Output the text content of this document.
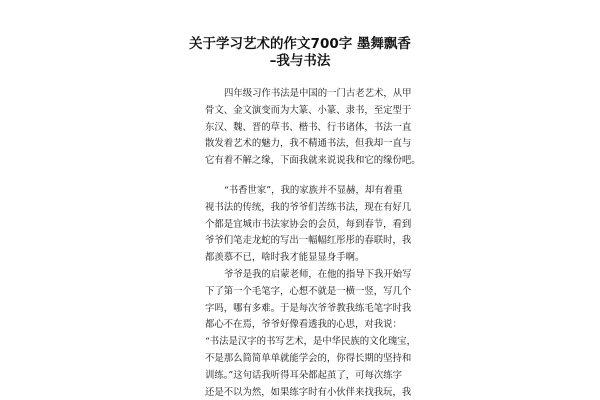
关于学习艺术的作文700字 墨舞飘香
–我与书法

四年级习作书法是中国的一门古老艺术，从甲
骨文、金文演变而为大篆、小篆、隶书，至定型于
东汉、魏、晋的草书、楷书、行书诸体，书法一直
散发着艺术的魅力，我不精通书法，但我却一直与
它有着不解之缘，下面我就来说说我和它的缘份吧。

“书香世家”，我的家族并不显赫，却有着重
视书法的传统，我的爷爷们苦练书法，现在有好几
个都是宜城市书法家协会的会员，每到春节，看到
爷爷们笔走龙蛇的写出一幅幅红彤彤的春联时，我
都羡慕不已，啥时我才能显显身手啊。

爷爷是我的启蒙老师，在他的指导下我开始写
下了第一个毛笔字，心想不就是一横一竖，写几个
字吗，哪有多难。于是每次爷爷教我练毛笔字时我
都心不在焉，爷爷好像看透我的心思，对我说：
“书法是汉字的书写艺术，是中华民族的文化瑰宝，
不是那么简简单单就能学会的，你得长期的坚持和
训练。”这句话我听得耳朵都起茧了，可每次练字
还是不以为然，如果练字时有小伙伴来找我玩，我
